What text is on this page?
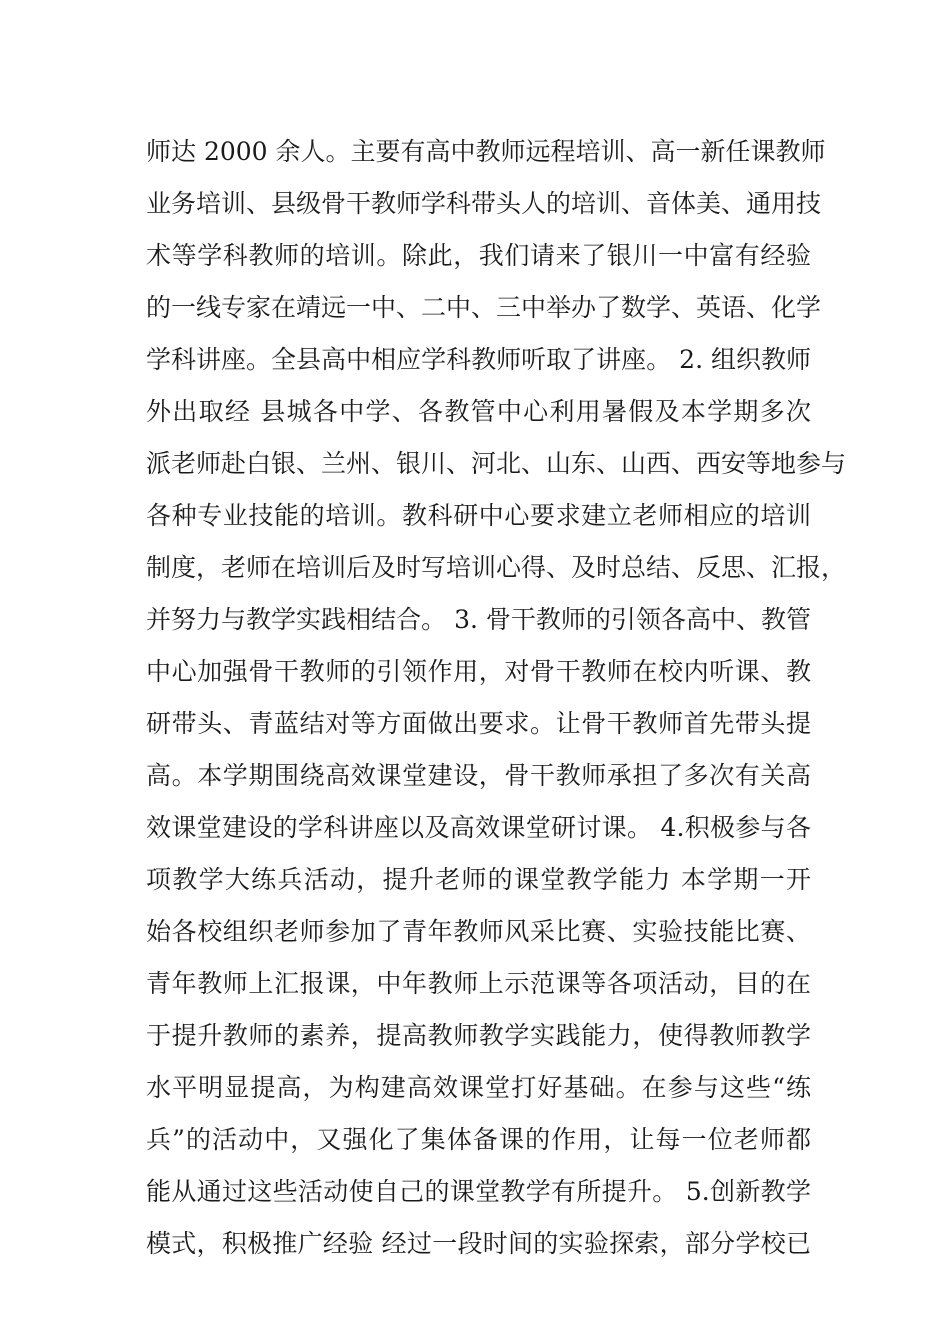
师达 2000 余人。主要有高中教师远程培训、高一新任课教师
业务培训、县级骨干教师学科带头人的培训、音体美、通用技
术等学科教师的培训。除此，我们请来了银川一中富有经验
的一线专家在靖远一中、二中、三中举办了数学、英语、化学
学科讲座。全县高中相应学科教师听取了讲座。 2. 组织教师
外出取经 县城各中学、各教管中心利用暑假及本学期多次
派老师赴白银、兰州、银川、河北、山东、山西、西安等地参与
各种专业技能的培训。教科研中心要求建立老师相应的培训
制度，老师在培训后及时写培训心得、及时总结、反思、汇报，
并努力与教学实践相结合。 3. 骨干教师的引领各高中、教管
中心加强骨干教师的引领作用，对骨干教师在校内听课、教
研带头、青蓝结对等方面做出要求。让骨干教师首先带头提
高。本学期围绕高效课堂建设，骨干教师承担了多次有关高
效课堂建设的学科讲座以及高效课堂研讨课。 4.积极参与各
项教学大练兵活动，提升老师的课堂教学能力 本学期一开
始各校组织老师参加了青年教师风采比赛、实验技能比赛、
青年教师上汇报课，中年教师上示范课等各项活动，目的在
于提升教师的素养，提高教师教学实践能力，使得教师教学
水平明显提高，为构建高效课堂打好基础。在参与这些“练
兵”的活动中，又强化了集体备课的作用，让每一位老师都
能从通过这些活动使自己的课堂教学有所提升。 5.创新教学
模式，积极推广经验 经过一段时间的实验探索，部分学校已
